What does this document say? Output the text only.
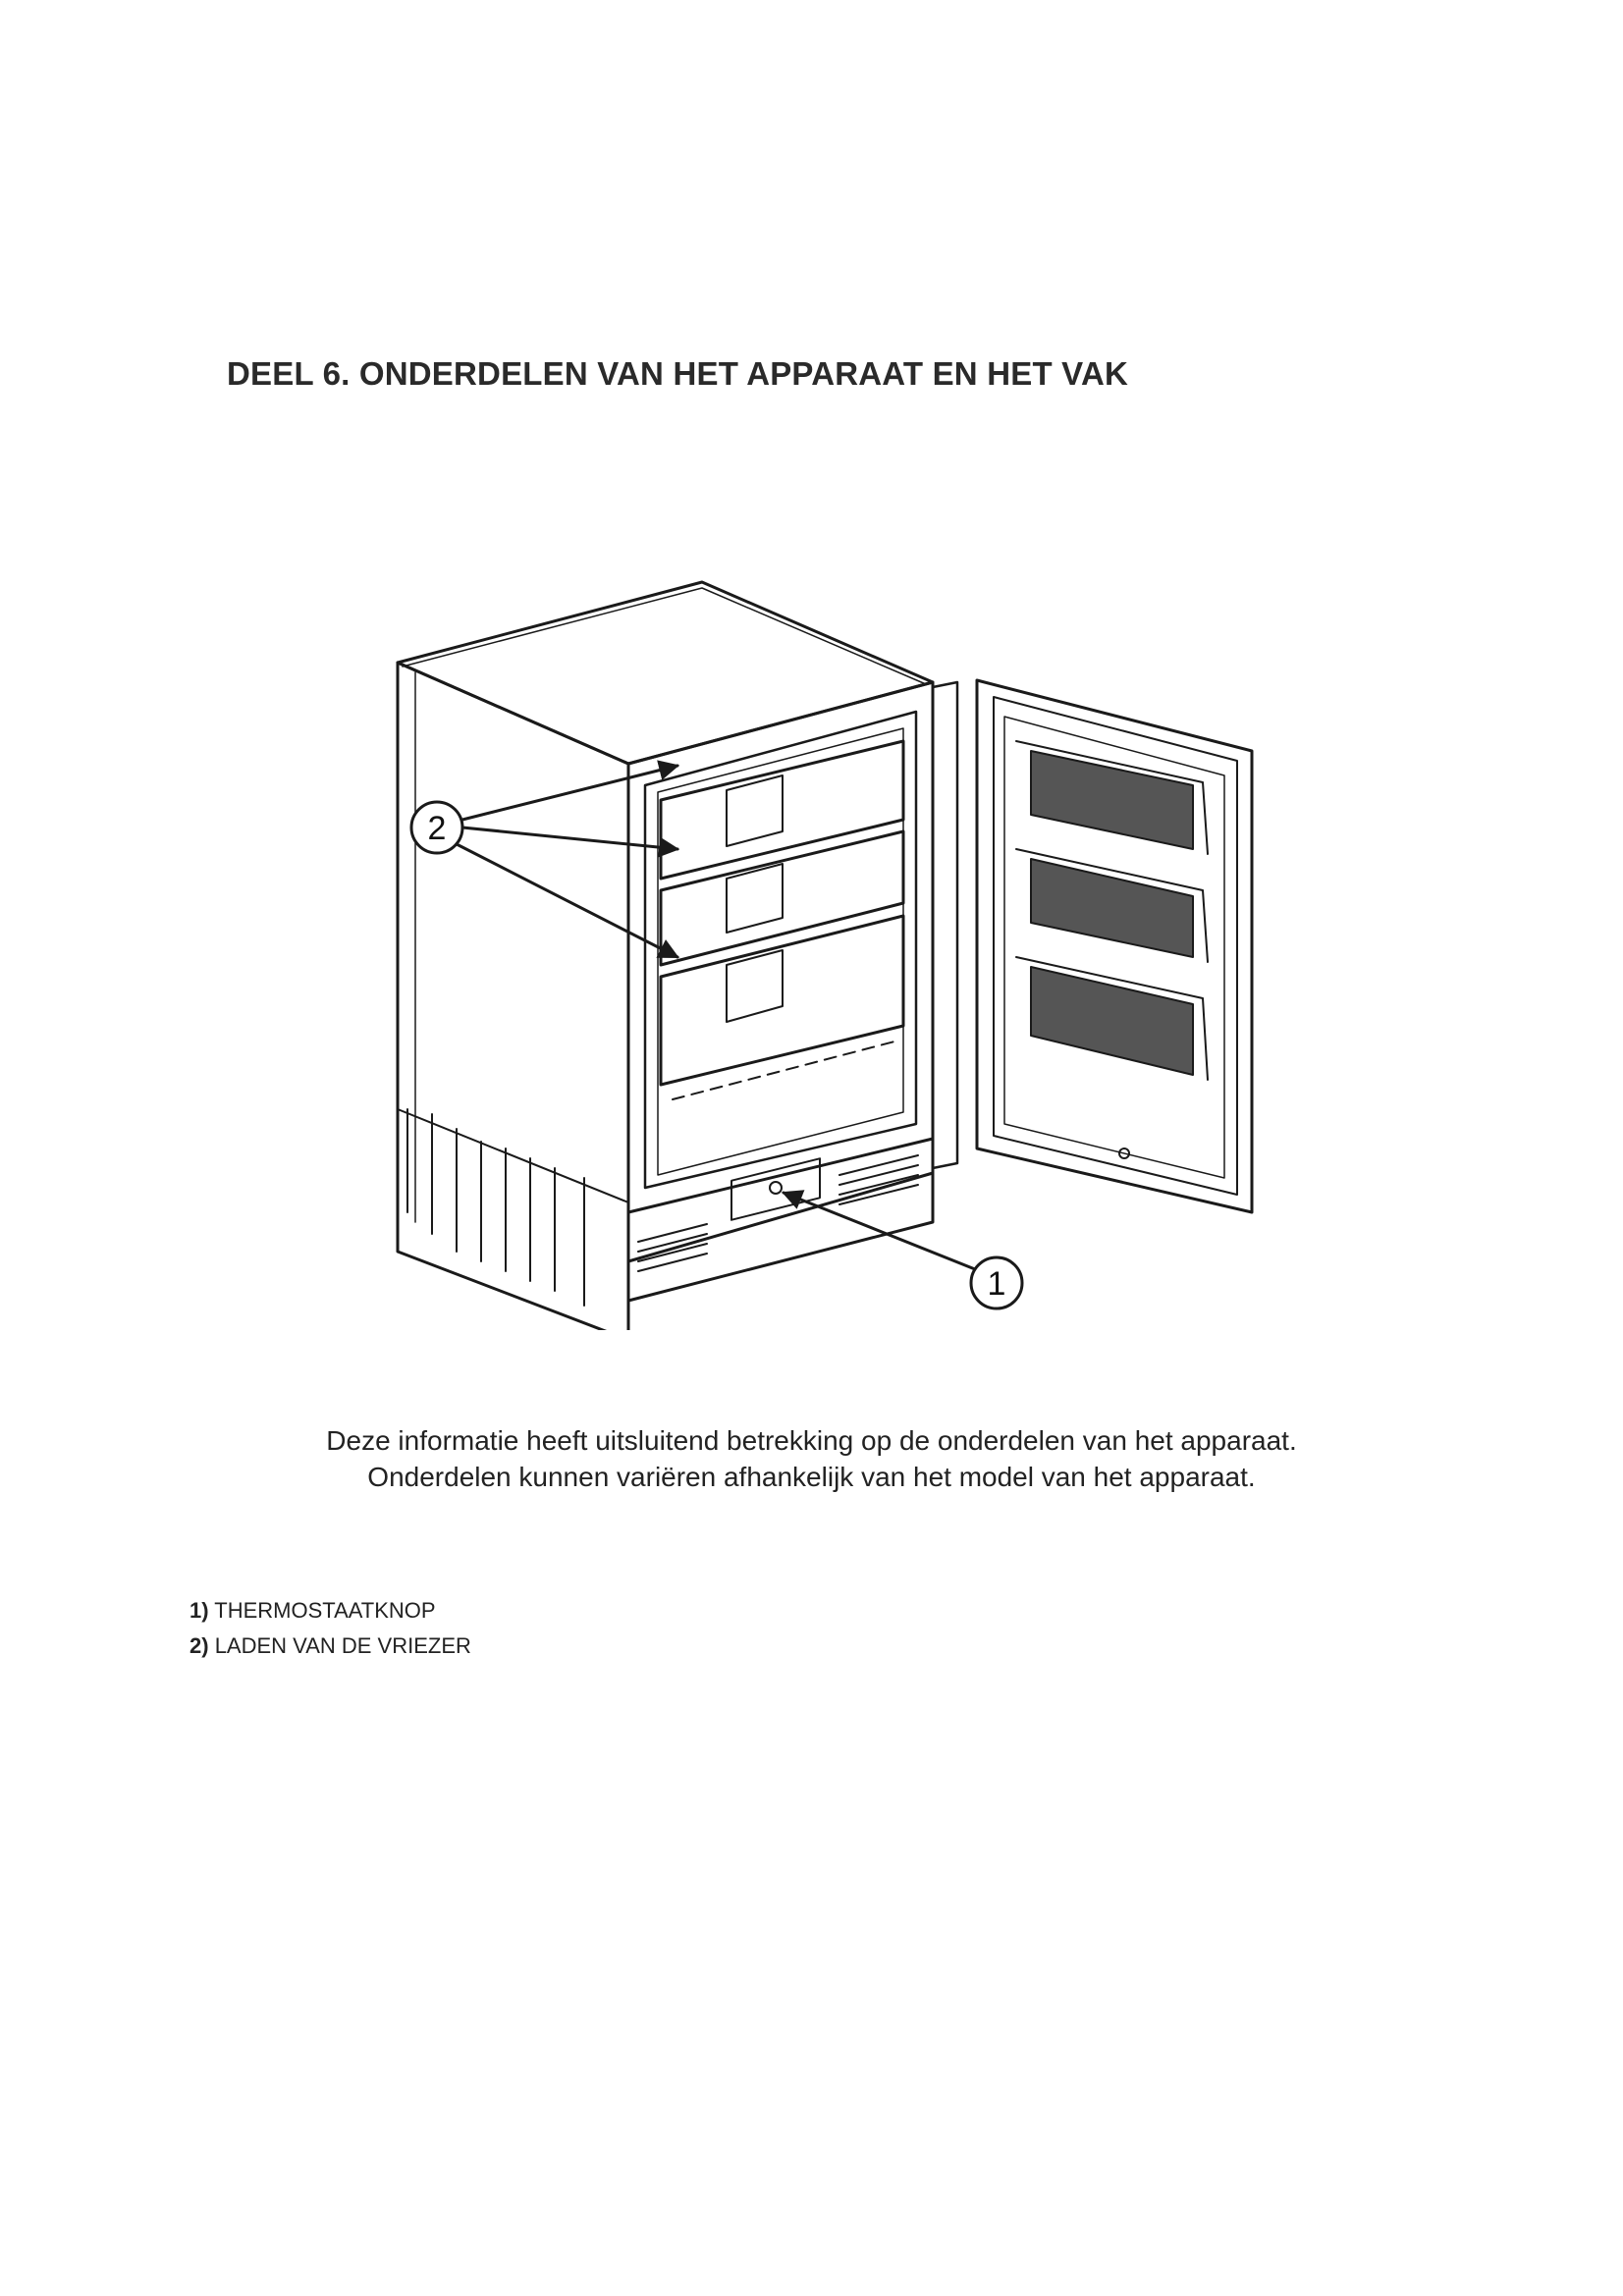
DEEL 6. ONDERDELEN VAN HET APPARAAT EN HET VAK
2
1
Deze informatie heeft uitsluitend betrekking op de onderdelen van het apparaat.
Onderdelen kunnen variëren afhankelijk van het model van het apparaat.
1) THERMOSTAATKNOP
2) LADEN VAN DE VRIEZER
